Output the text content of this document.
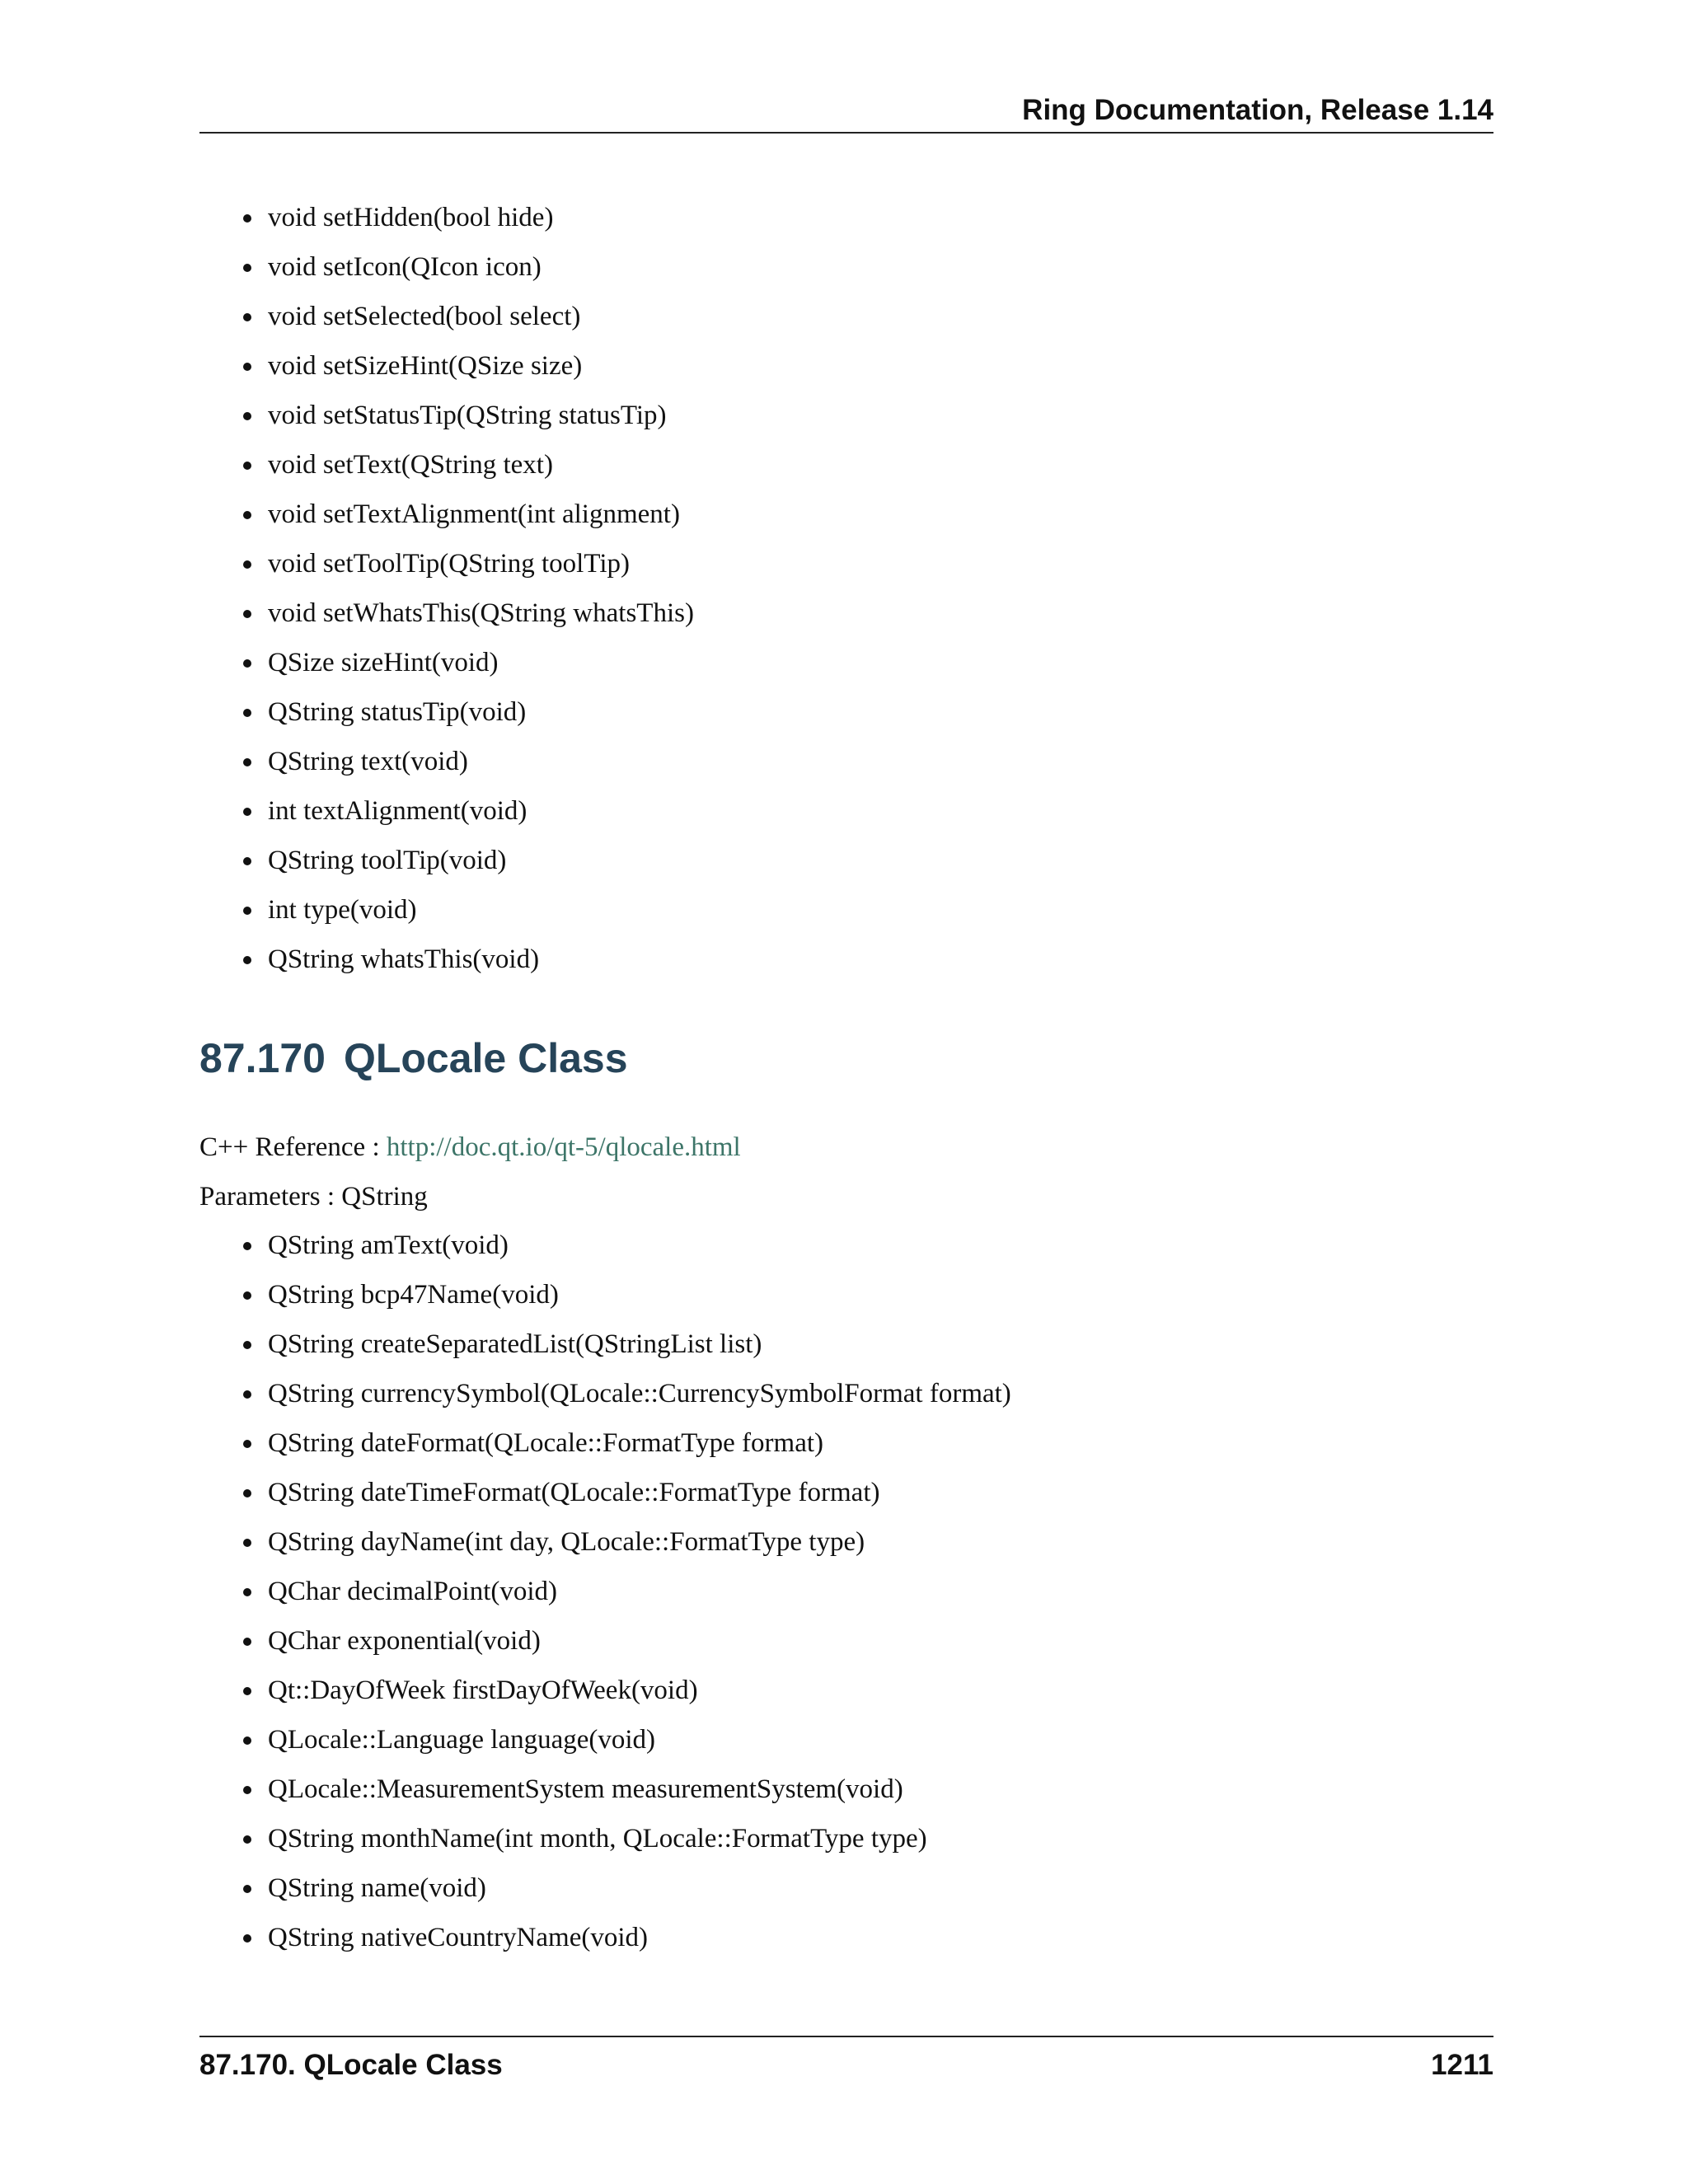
Ring Documentation, Release 1.14
void setHidden(bool hide)
void setIcon(QIcon icon)
void setSelected(bool select)
void setSizeHint(QSize size)
void setStatusTip(QString statusTip)
void setText(QString text)
void setTextAlignment(int alignment)
void setToolTip(QString toolTip)
void setWhatsThis(QString whatsThis)
QSize sizeHint(void)
QString statusTip(void)
QString text(void)
int textAlignment(void)
QString toolTip(void)
int type(void)
QString whatsThis(void)
87.170 QLocale Class
C++ Reference : http://doc.qt.io/qt-5/qlocale.html
Parameters : QString
QString amText(void)
QString bcp47Name(void)
QString createSeparatedList(QStringList list)
QString currencySymbol(QLocale::CurrencySymbolFormat format)
QString dateFormat(QLocale::FormatType format)
QString dateTimeFormat(QLocale::FormatType format)
QString dayName(int day, QLocale::FormatType type)
QChar decimalPoint(void)
QChar exponential(void)
Qt::DayOfWeek firstDayOfWeek(void)
QLocale::Language language(void)
QLocale::MeasurementSystem measurementSystem(void)
QString monthName(int month, QLocale::FormatType type)
QString name(void)
QString nativeCountryName(void)
87.170. QLocale Class	1211
